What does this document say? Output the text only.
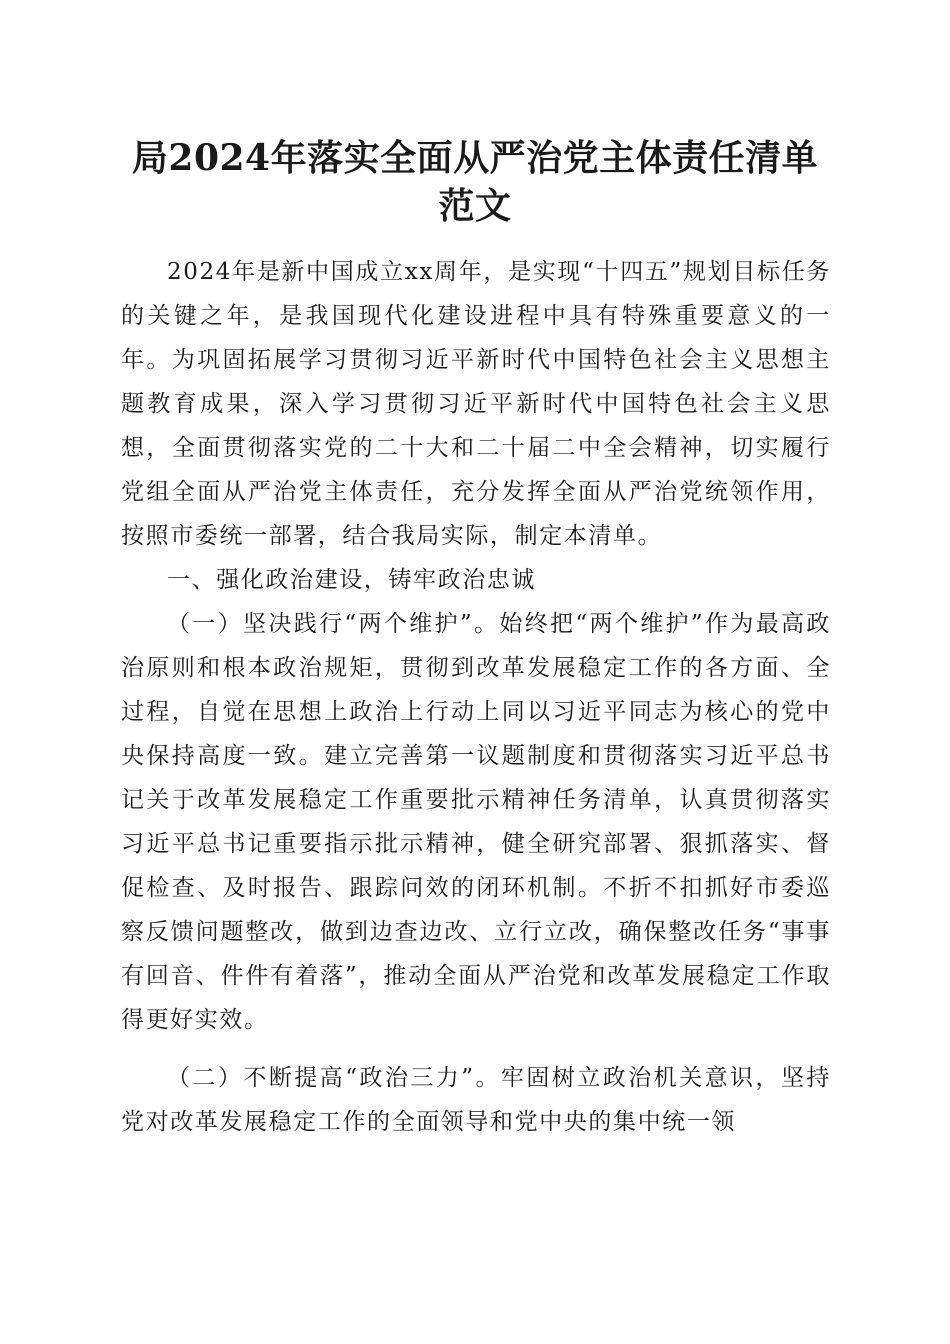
局2024年落实全面从严治党主体责任清单范文

2024年是新中国成立xx周年，是实现“十四五”规划目标任务的关键之年，是我国现代化建设进程中具有特殊重要意义的一年。为巩固拓展学习贯彻习近平新时代中国特色社会主义思想主题教育成果，深入学习贯彻习近平新时代中国特色社会主义思想，全面贯彻落实党的二十大和二十届二中全会精神，切实履行党组全面从严治党主体责任，充分发挥全面从严治党统领作用，按照市委统一部署，结合我局实际，制定本清单。

一、强化政治建设，铸牢政治忠诚

（一）坚决践行“两个维护”。始终把“两个维护”作为最高政治原则和根本政治规矩，贯彻到改革发展稳定工作的各方面、全过程，自觉在思想上政治上行动上同以习近平同志为核心的党中央保持高度一致。建立完善第一议题制度和贯彻落实习近平总书记关于改革发展稳定工作重要批示精神任务清单，认真贯彻落实习近平总书记重要指示批示精神，健全研究部署、狠抓落实、督促检查、及时报告、跟踪问效的闭环机制。不折不扣抓好市委巡察反馈问题整改，做到边查边改、立行立改，确保整改任务“事事有回音、件件有着落”，推动全面从严治党和改革发展稳定工作取得更好实效。

（二）不断提高“政治三力”。牢固树立政治机关意识，坚持党对改革发展稳定工作的全面领导和党中央的集中统一领
